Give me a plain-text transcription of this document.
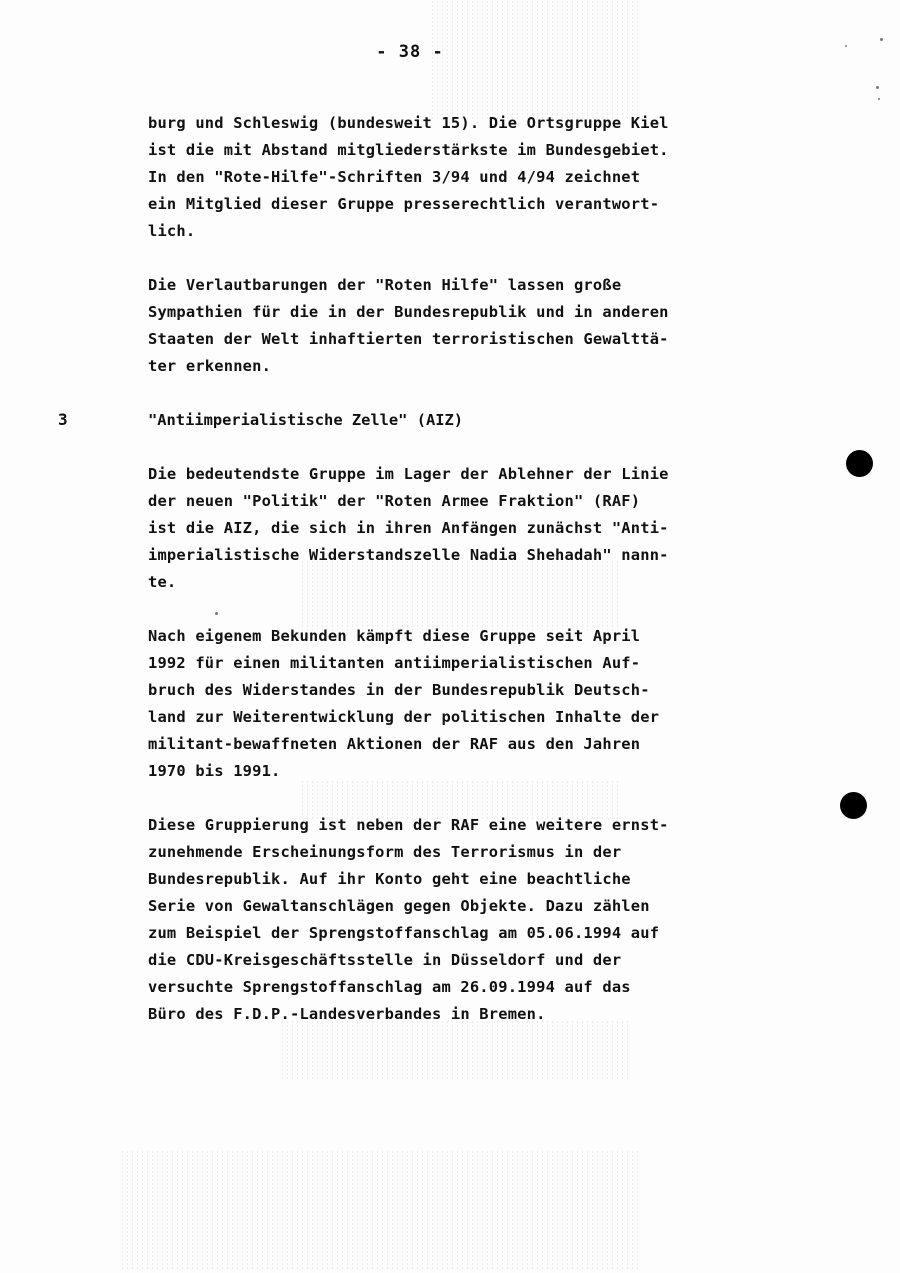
- 38 -
3

burg und Schleswig (bundesweit 15). Die Ortsgruppe Kiel
ist die mit Abstand mitgliederstärkste im Bundesgebiet.
In den "Rote-Hilfe"-Schriften 3/94 und 4/94 zeichnet
ein Mitglied dieser Gruppe presserechtlich verantwort-
lich.

Die Verlautbarungen der "Roten Hilfe" lassen große
Sympathien für die in der Bundesrepublik und in anderen
Staaten der Welt inhaftierten terroristischen Gewalttä-
ter erkennen.

"Antiimperialistische Zelle" (AIZ)

Die bedeutendste Gruppe im Lager der Ablehner der Linie
der neuen "Politik" der "Roten Armee Fraktion" (RAF)
ist die AIZ, die sich in ihren Anfängen zunächst "Anti-
imperialistische Widerstandszelle Nadia Shehadah" nann-
te.

Nach eigenem Bekunden kämpft diese Gruppe seit April
1992 für einen militanten antiimperialistischen Auf-
bruch des Widerstandes in der Bundesrepublik Deutsch-
land zur Weiterentwicklung der politischen Inhalte der
militant-bewaffneten Aktionen der RAF aus den Jahren
1970 bis 1991.

Diese Gruppierung ist neben der RAF eine weitere ernst-
zunehmende Erscheinungsform des Terrorismus in der
Bundesrepublik. Auf ihr Konto geht eine beachtliche
Serie von Gewaltanschlägen gegen Objekte. Dazu zählen
zum Beispiel der Sprengstoffanschlag am 05.06.1994 auf
die CDU-Kreisgeschäftsstelle in Düsseldorf und der
versuchte Sprengstoffanschlag am 26.09.1994 auf das
Büro des F.D.P.-Landesverbandes in Bremen.
